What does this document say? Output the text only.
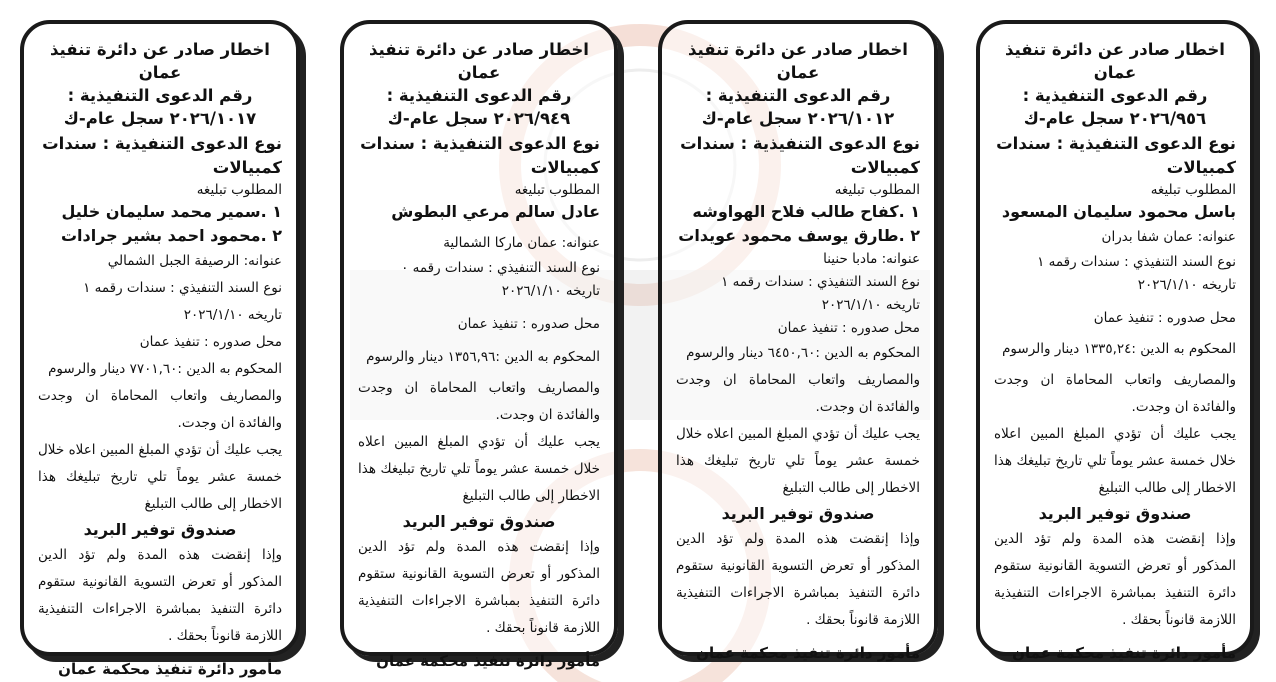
اخطار صادر عن دائرة تنفيذ عمان
رقم الدعوى التنفيذية :
٢٠٢٦/٩٥٦ سجل عام-ك
نوع الدعوى التنفيذية : سندات كمبيالات
المطلوب تبليغه
باسل محمود سليمان المسعود
عنوانه: عمان شفا بدران
نوع السند التنفيذي : سندات رقمه ١
تاريخه ٢٠٢٦/١/١٠
محل صدوره : تنفيذ عمان
المحكوم به الدين :١٣٣٥,٢٤ دينار والرسوم
والمصاريف واتعاب المحاماة ان وجدت والفائدة ان وجدت.
يجب عليك أن تؤدي المبلغ المبين اعلاه خلال خمسة عشر يوماً تلي تاريخ تبليغك هذا الاخطار إلى طالب التبليغ
صندوق توفير البريد
وإذا إنقضت هذه المدة ولم تؤد الدين المذكور أو تعرض التسوية القانونية ستقوم دائرة التنفيذ بمباشرة الاجراءات التنفيذية اللازمة قانوناً بحقك .
مأمور دائرة تنفيذ محكمة عمان
اخطار صادر عن دائرة تنفيذ عمان
رقم الدعوى التنفيذية :
٢٠٢٦/١٠١٢ سجل عام-ك
نوع الدعوى التنفيذية : سندات كمبيالات
المطلوب تبليغه
١ .كفاح طالب فلاح الهواوشه
٢ .طارق يوسف محمود عويدات
عنوانه: مادبا حنينا
نوع السند التنفيذي : سندات رقمه ١
تاريخه ٢٠٢٦/١/١٠
محل صدوره : تنفيذ عمان
المحكوم به الدين :٦٤٥٠,٦٠ دينار والرسوم
والمصاريف واتعاب المحاماة ان وجدت والفائدة ان وجدت.
يجب عليك أن تؤدي المبلغ المبين اعلاه خلال خمسة عشر يوماً تلي تاريخ تبليغك هذا الاخطار إلى طالب التبليغ
صندوق توفير البريد
وإذا إنقضت هذه المدة ولم تؤد الدين المذكور أو تعرض التسوية القانونية ستقوم دائرة التنفيذ بمباشرة الاجراءات التنفيذية اللازمة قانوناً بحقك .
مأمور دائرة تنفيذ محكمة عمان
اخطار صادر عن دائرة تنفيذ عمان
رقم الدعوى التنفيذية :
٢٠٢٦/٩٤٩ سجل عام-ك
نوع الدعوى التنفيذية : سندات كمبيالات
المطلوب تبليغه
عادل سالم مرعي البطوش
عنوانه: عمان ماركا الشمالية
نوع السند التنفيذي : سندات رقمه ٠
تاريخه ٢٠٢٦/١/١٠
محل صدوره : تنفيذ عمان
المحكوم به الدين :١٣٥٦,٩٦ دينار والرسوم
والمصاريف واتعاب المحاماة ان وجدت والفائدة ان وجدت.
يجب عليك أن تؤدي المبلغ المبين اعلاه خلال خمسة عشر يوماً تلي تاريخ تبليغك هذا الاخطار إلى طالب التبليغ
صندوق توفير البريد
وإذا إنقضت هذه المدة ولم تؤد الدين المذكور أو تعرض التسوية القانونية ستقوم دائرة التنفيذ بمباشرة الاجراءات التنفيذية اللازمة قانوناً بحقك .
مأمور دائرة تنفيذ محكمة عمان
اخطار صادر عن دائرة تنفيذ عمان
رقم الدعوى التنفيذية :
٢٠٢٦/١٠١٧ سجل عام-ك
نوع الدعوى التنفيذية : سندات كمبيالات
المطلوب تبليغه
١ .سمير محمد سليمان خليل
٢ .محمود احمد بشير جرادات
عنوانه: الرصيفة الجبل الشمالي
نوع السند التنفيذي : سندات رقمه ١
تاريخه ٢٠٢٦/١/١٠
محل صدوره : تنفيذ عمان
المحكوم به الدين :٧٧٠١,٦٠ دينار والرسوم
والمصاريف واتعاب المحاماة ان وجدت والفائدة ان وجدت.
يجب عليك أن تؤدي المبلغ المبين اعلاه خلال خمسة عشر يوماً تلي تاريخ تبليغك هذا الاخطار إلى طالب التبليغ
صندوق توفير البريد
وإذا إنقضت هذه المدة ولم تؤد الدين المذكور أو تعرض التسوية القانونية ستقوم دائرة التنفيذ بمباشرة الاجراءات التنفيذية اللازمة قانوناً بحقك .
مأمور دائرة تنفيذ محكمة عمان
